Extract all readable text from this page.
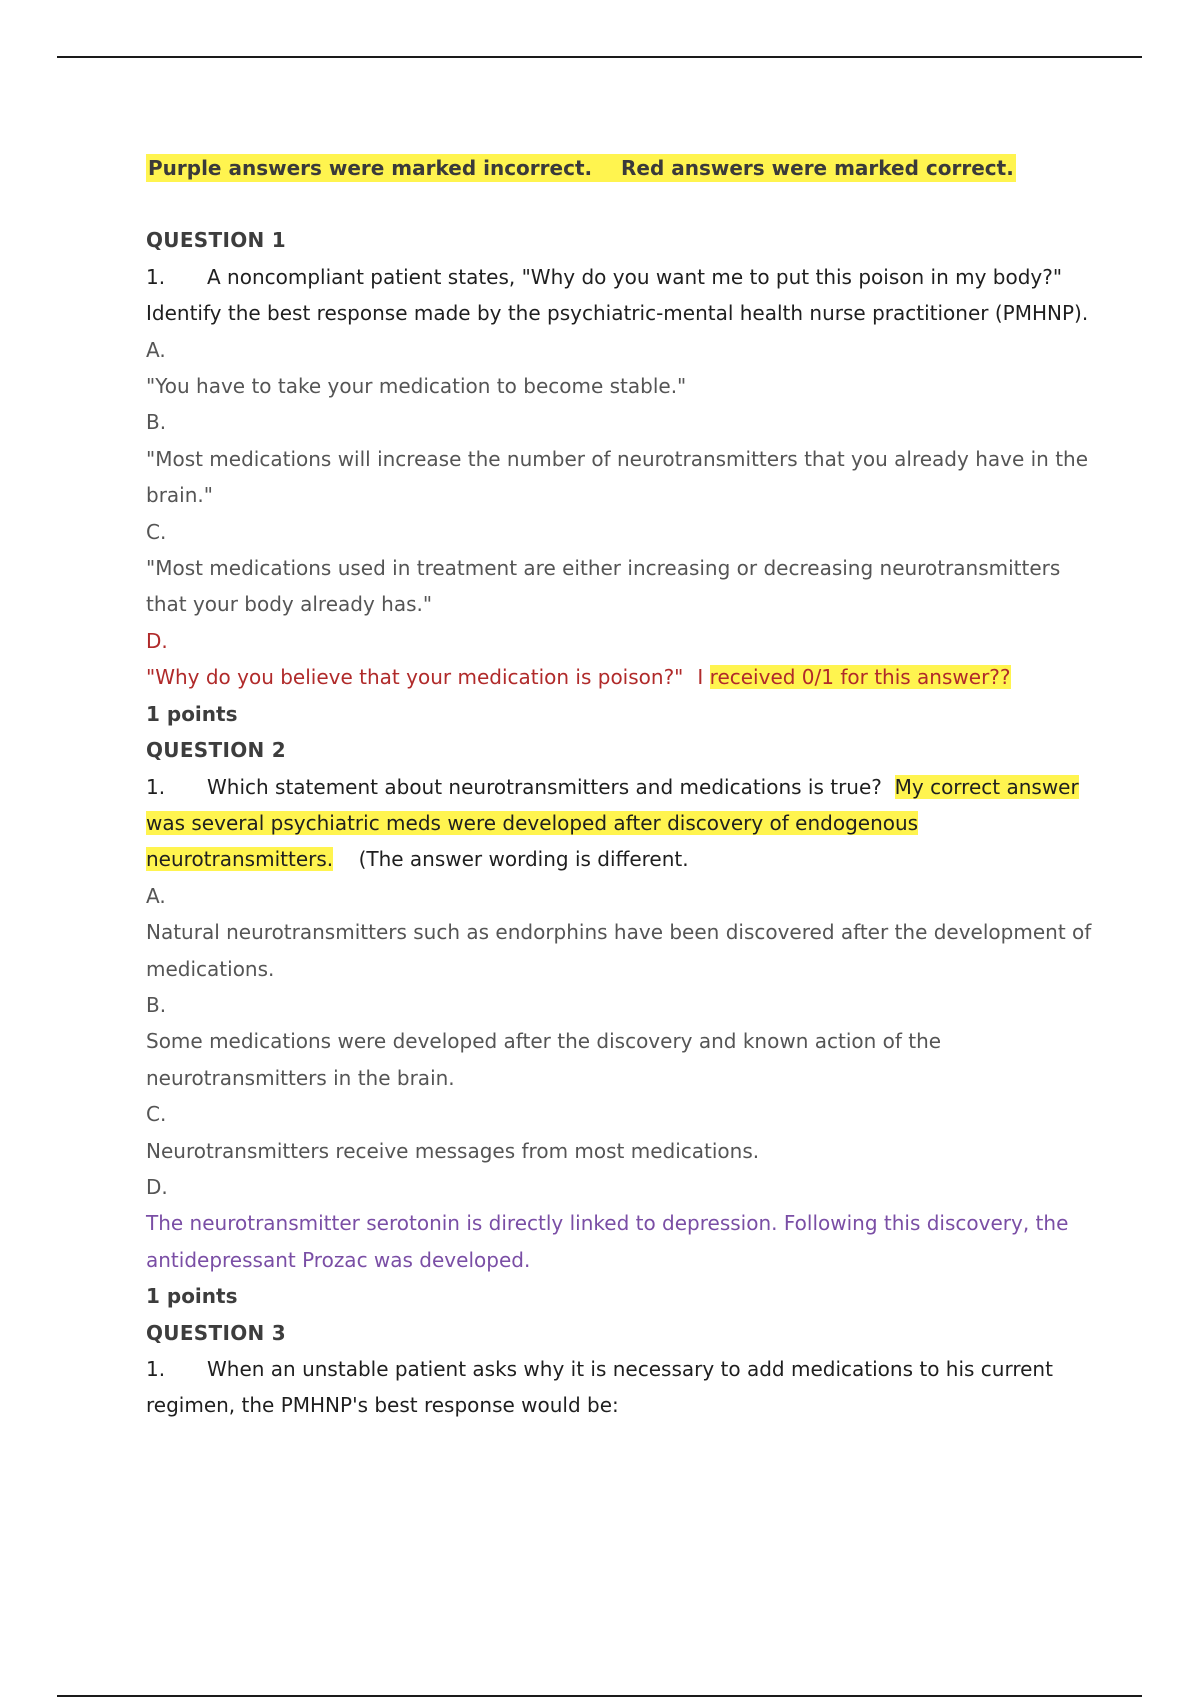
Purple answers were marked incorrect. Red answers were marked correct.
QUESTION 1
1. A noncompliant patient states, "Why do you want me to put this poison in my body?" Identify the best response made by the psychiatric-mental health nurse practitioner (PMHNP).
A.
"You have to take your medication to become stable."
B.
"Most medications will increase the number of neurotransmitters that you already have in the brain."
C.
"Most medications used in treatment are either increasing or decreasing neurotransmitters that your body already has."
D.
"Why do you believe that your medication is poison?" I received 0/1 for this answer??
1 points
QUESTION 2
1. Which statement about neurotransmitters and medications is true? My correct answer was several psychiatric meds were developed after discovery of endogenous neurotransmitters. (The answer wording is different.
A.
Natural neurotransmitters such as endorphins have been discovered after the development of medications.
B.
Some medications were developed after the discovery and known action of the neurotransmitters in the brain.
C.
Neurotransmitters receive messages from most medications.
D.
The neurotransmitter serotonin is directly linked to depression. Following this discovery, the antidepressant Prozac was developed.
1 points
QUESTION 3
1. When an unstable patient asks why it is necessary to add medications to his current regimen, the PMHNP's best response would be:
